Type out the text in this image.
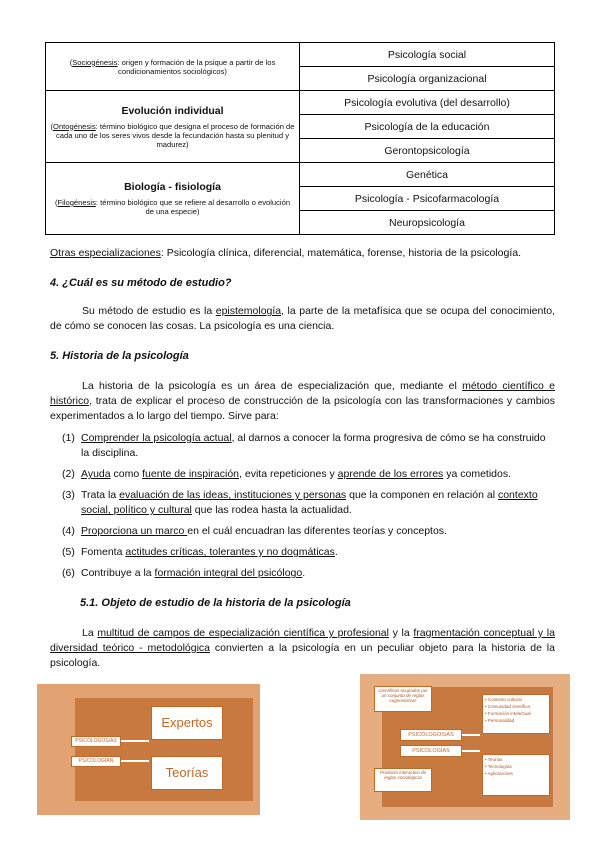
(Sociogénesis: origen y formación de la psique a partir de los condicionamientos sociológicos)	Psicología social
	Psicología organizacional

Evolución individual
(Ontogénesis: término biológico que designa el proceso de formación de cada uno de los seres vivos desde la fecundación hasta su plenitud y madurez)	Psicología evolutiva (del desarrollo)
	Psicología de la educación
	Gerontopsicología

Biología - fisiología
(Filogénesis: término biológico que se refiere al desarrollo o evolución de una especie)	Genética
	Psicología - Psicofarmacología
	Neuropsicología
Otras especializaciones: Psicología clínica, diferencial, matemática, forense, historia de la psicología.
4. ¿Cuál es su método de estudio?
Su método de estudio es la epistemología, la parte de la metafísica que se ocupa del conocimiento, de cómo se conocen las cosas. La psicología es una ciencia.
5. Historia de la psicología
La historia de la psicología es un área de especialización que, mediante el método científico e histórico, trata de explicar el proceso de construcción de la psicología con las transformaciones y cambios experimentados a lo largo del tiempo. Sirve para:
(1) Comprender la psicología actual, al darnos a conocer la forma progresiva de cómo se ha construido la disciplina.
(2) Ayuda como fuente de inspiración, evita repeticiones y aprende de los errores ya cometidos.
(3) Trata la evaluación de las ideas, instituciones y personas que la componen en relación al contexto social, político y cultural que las rodea hasta la actualidad.
(4) Proporciona un marco en el cuál encuadran las diferentes teorías y conceptos.
(5) Fomenta actitudes críticas, tolerantes y no dogmáticas.
(6) Contribuye a la formación integral del psicólogo.
5.1. Objeto de estudio de la historia de la psicología
La multitud de campos de especialización científica y profesional y la fragmentación conceptual y la diversidad teórico - metodológica convierten a la psicología en un peculiar objeto para la historia de la psicología.
PSICÓLOGOS/AS
PSICOLOGÍAN
Expertos
Teorías
Científicos ocupados por un conjunto de reglas cognoscitivas
Producto interactivo de reglas sociológicas
PSICÓLOGOS/AS
PSICOLOGÍAS
• Contexto cultural
• Comunidad científica
• Formación intelectual
• Personalidad
• Teorías
• Tecnologías
• Aplicaciones
